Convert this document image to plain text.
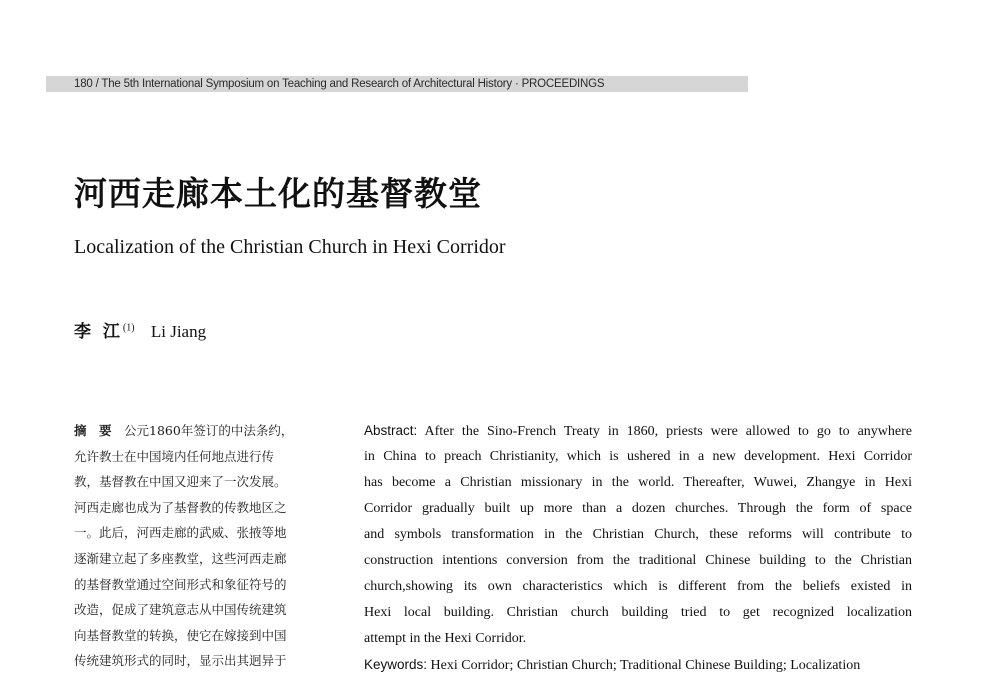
180 / The 5th International Symposium on Teaching and Research of Architectural History · PROCEEDINGS
河西走廊本土化的基督教堂
Localization of the Christian Church in Hexi Corridor
李 江$^{(1)}$ Li Jiang
摘　要　 公元1860年签订的中法条约，
允许教士在中国境内任何地点进行传
教，基督教在中国又迎来了一次发展。
河西走廊也成为了基督教的传教地区之
一。此后，河西走廊的武威、张掖等地
逐渐建立起了多座教堂，这些河西走廊
的基督教堂通过空间形式和象征符号的
改造，促成了建筑意志从中国传统建筑
向基督教堂的转换，使它在嫁接到中国
传统建筑形式的同时，显示出其迥异于
Abstract: After the Sino-French Treaty in 1860, priests were allowed to go to anywhere
in China to preach Christianity, which is ushered in a new development. Hexi Corridor
has become a Christian missionary in the world. Thereafter, Wuwei, Zhangye in Hexi
Corridor gradually built up more than a dozen churches. Through the form of space
and symbols transformation in the Christian Church, these reforms will contribute to
construction intentions conversion from the traditional Chinese building to the Christian
church,showing its own characteristics which is different from the beliefs existed in
Hexi local building. Christian church building tried to get recognized localization
attempt in the Hexi Corridor.
Keywords: Hexi Corridor; Christian Church; Traditional Chinese Building; Localization
